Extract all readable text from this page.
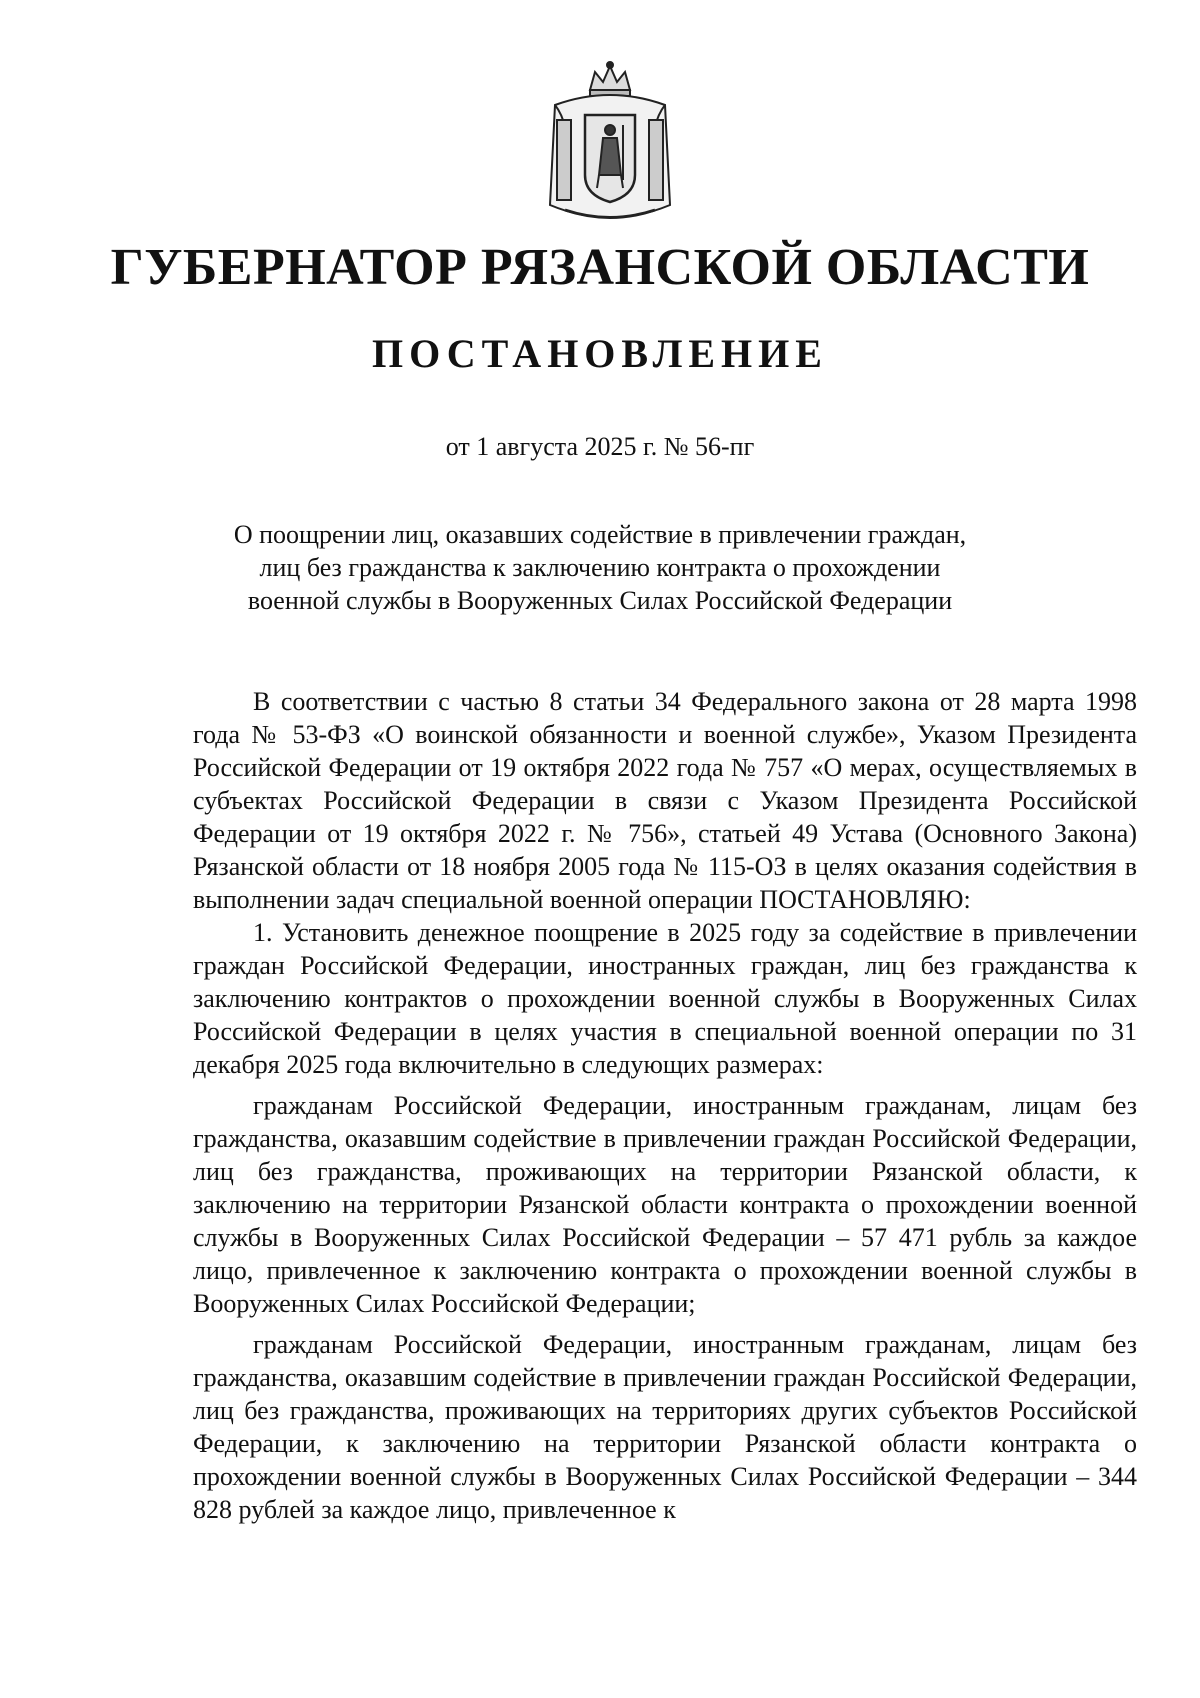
ГУБЕРНАТОР РЯЗАНСКОЙ ОБЛАСТИ
ПОСТАНОВЛЕНИЕ
от 1 августа 2025 г. № 56-пг
О поощрении лиц, оказавших содействие в привлечении граждан,
лиц без гражданства к заключению контракта о прохождении
военной службы в Вооруженных Силах Российской Федерации

В соответствии с частью 8 статьи 34 Федерального закона от 28 марта 1998 года № 53-ФЗ «О воинской обязанности и военной службе», Указом Президента Российской Федерации от 19 октября 2022 года № 757 «О мерах, осуществляемых в субъектах Российской Федерации в связи с Указом Президента Российской Федерации от 19 октября 2022 г. № 756», статьей 49 Устава (Основного Закона) Рязанской области от 18 ноября 2005 года № 115-ОЗ в целях оказания содействия в выполнении задач специальной военной операции ПОСТАНОВЛЯЮ:

1. Установить денежное поощрение в 2025 году за содействие в привлечении граждан Российской Федерации, иностранных граждан, лиц без гражданства к заключению контрактов о прохождении военной службы в Вооруженных Силах Российской Федерации в целях участия в специальной военной операции по 31 декабря 2025 года включительно в следующих размерах:

гражданам Российской Федерации, иностранным гражданам, лицам без гражданства, оказавшим содействие в привлечении граждан Российской Федерации, лиц без гражданства, проживающих на территории Рязанской области, к заключению на территории Рязанской области контракта о прохождении военной службы в Вооруженных Силах Российской Федерации – 57 471 рубль за каждое лицо, привлеченное к заключению контракта о прохождении военной службы в Вооруженных Силах Российской Федерации;

гражданам Российской Федерации, иностранным гражданам, лицам без гражданства, оказавшим содействие в привлечении граждан Российской Федерации, лиц без гражданства, проживающих на территориях других субъектов Российской Федерации, к заключению на территории Рязанской области контракта о прохождении военной службы в Вооруженных Силах Российской Федерации – 344 828 рублей за каждое лицо, привлеченное к
